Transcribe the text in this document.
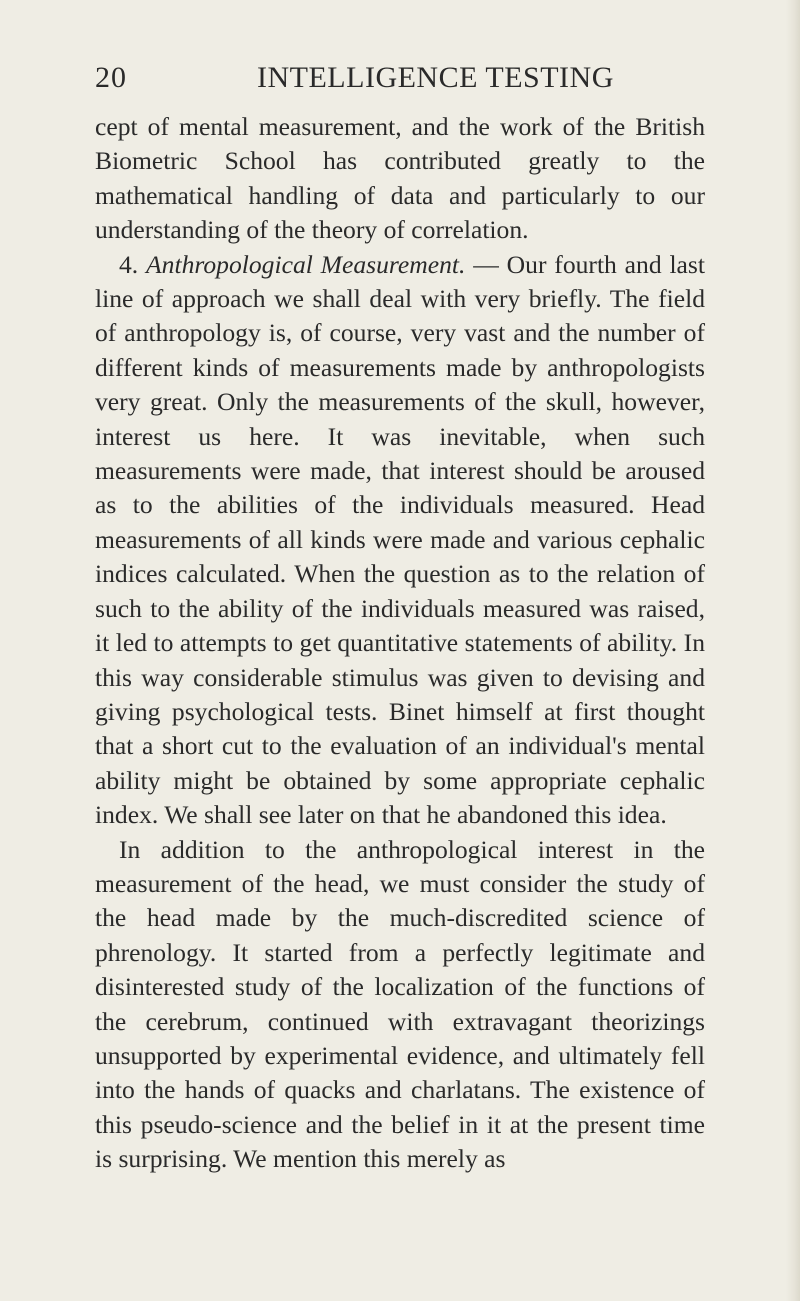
20	INTELLIGENCE TESTING

cept of mental measurement, and the work of the British Biometric School has contributed greatly to the mathematical handling of data and particularly to our understanding of the theory of correlation.

4. Anthropological Measurement. — Our fourth and last line of approach we shall deal with very briefly. The field of anthropology is, of course, very vast and the number of different kinds of measurements made by anthropologists very great. Only the measurements of the skull, however, interest us here. It was inevitable, when such measurements were made, that interest should be aroused as to the abilities of the individuals measured. Head measurements of all kinds were made and various cephalic indices calculated. When the question as to the relation of such to the ability of the individuals measured was raised, it led to attempts to get quantitative statements of ability. In this way considerable stimulus was given to devising and giving psychological tests. Binet himself at first thought that a short cut to the evaluation of an individual's mental ability might be obtained by some appropriate cephalic index. We shall see later on that he abandoned this idea.

In addition to the anthropological interest in the measurement of the head, we must consider the study of the head made by the much-discredited science of phrenology. It started from a perfectly legitimate and disinterested study of the localization of the functions of the cerebrum, continued with extravagant theorizings unsupported by experimental evidence, and ultimately fell into the hands of quacks and charlatans. The existence of this pseudo-science and the belief in it at the present time is surprising. We mention this merely as
